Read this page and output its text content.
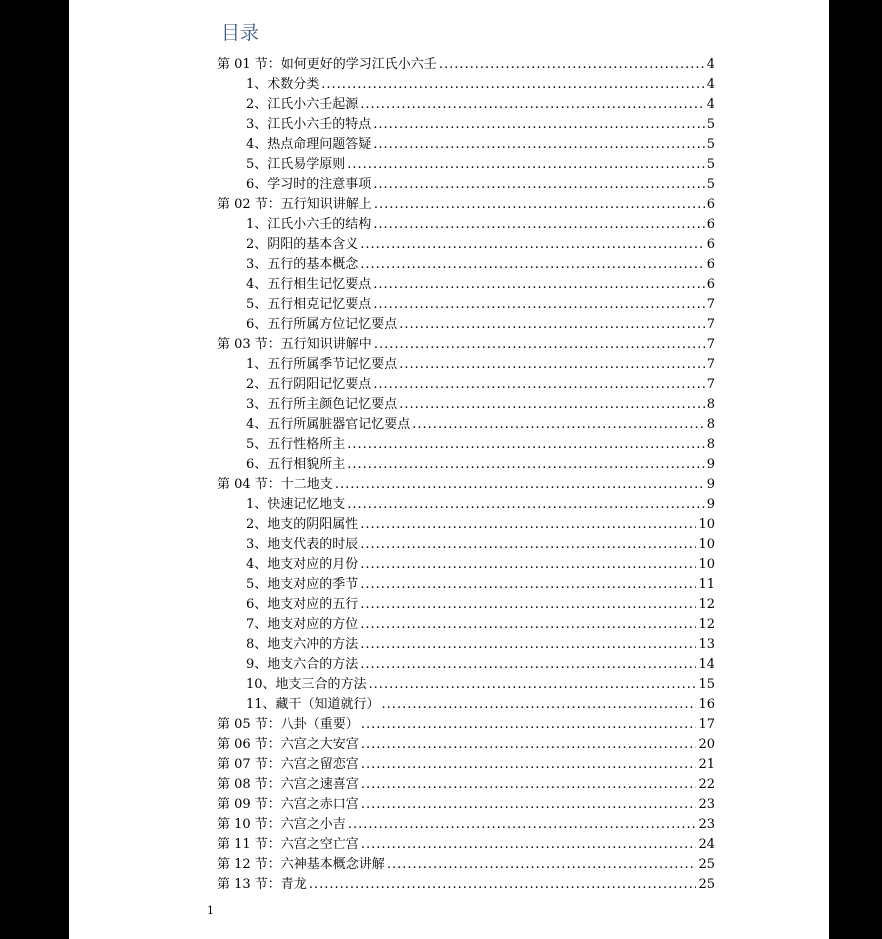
目录
第 01 节：如何更好的学习江氏小六壬 .....	4
1、术数分类 .....	4
2、江氏小六壬起源 .....	4
3、江氏小六壬的特点 .....	5
4、热点命理问题答疑 .....	5
5、江氏易学原则 .....	5
6、学习时的注意事项 .....	5
第 02 节：五行知识讲解上 .....	6
1、江氏小六壬的结构 .....	6
2、阴阳的基本含义 .....	6
3、五行的基本概念 .....	6
4、五行相生记忆要点 .....	6
5、五行相克记忆要点 .....	7
6、五行所属方位记忆要点 .....	7
第 03 节：五行知识讲解中 .....	7
1、五行所属季节记忆要点 .....	7
2、五行阴阳记忆要点 .....	7
3、五行所主颜色记忆要点 .....	8
4、五行所属脏器官记忆要点 .....	8
5、五行性格所主 .....	8
6、五行相貌所主 .....	9
第 04 节：十二地支 .....	9
1、快速记忆地支 .....	9
2、地支的阴阳属性 .....	10
3、地支代表的时辰 .....	10
4、地支对应的月份 .....	10
5、地支对应的季节 .....	11
6、地支对应的五行 .....	12
7、地支对应的方位 .....	12
8、地支六冲的方法 .....	13
9、地支六合的方法 .....	14
10、地支三合的方法 .....	15
11、藏干（知道就行） .....	16
第 05 节：八卦（重要） .....	17
第 06 节：六宫之大安宫 .....	20
第 07 节：六宫之留恋宫 .....	21
第 08 节：六宫之速喜宫 .....	22
第 09 节：六宫之赤口宫 .....	23
第 10 节：六宫之小吉 .....	23
第 11 节：六宫之空亡宫 .....	24
第 12 节：六神基本概念讲解 .....	25
第 13 节：青龙 .....	25
1
